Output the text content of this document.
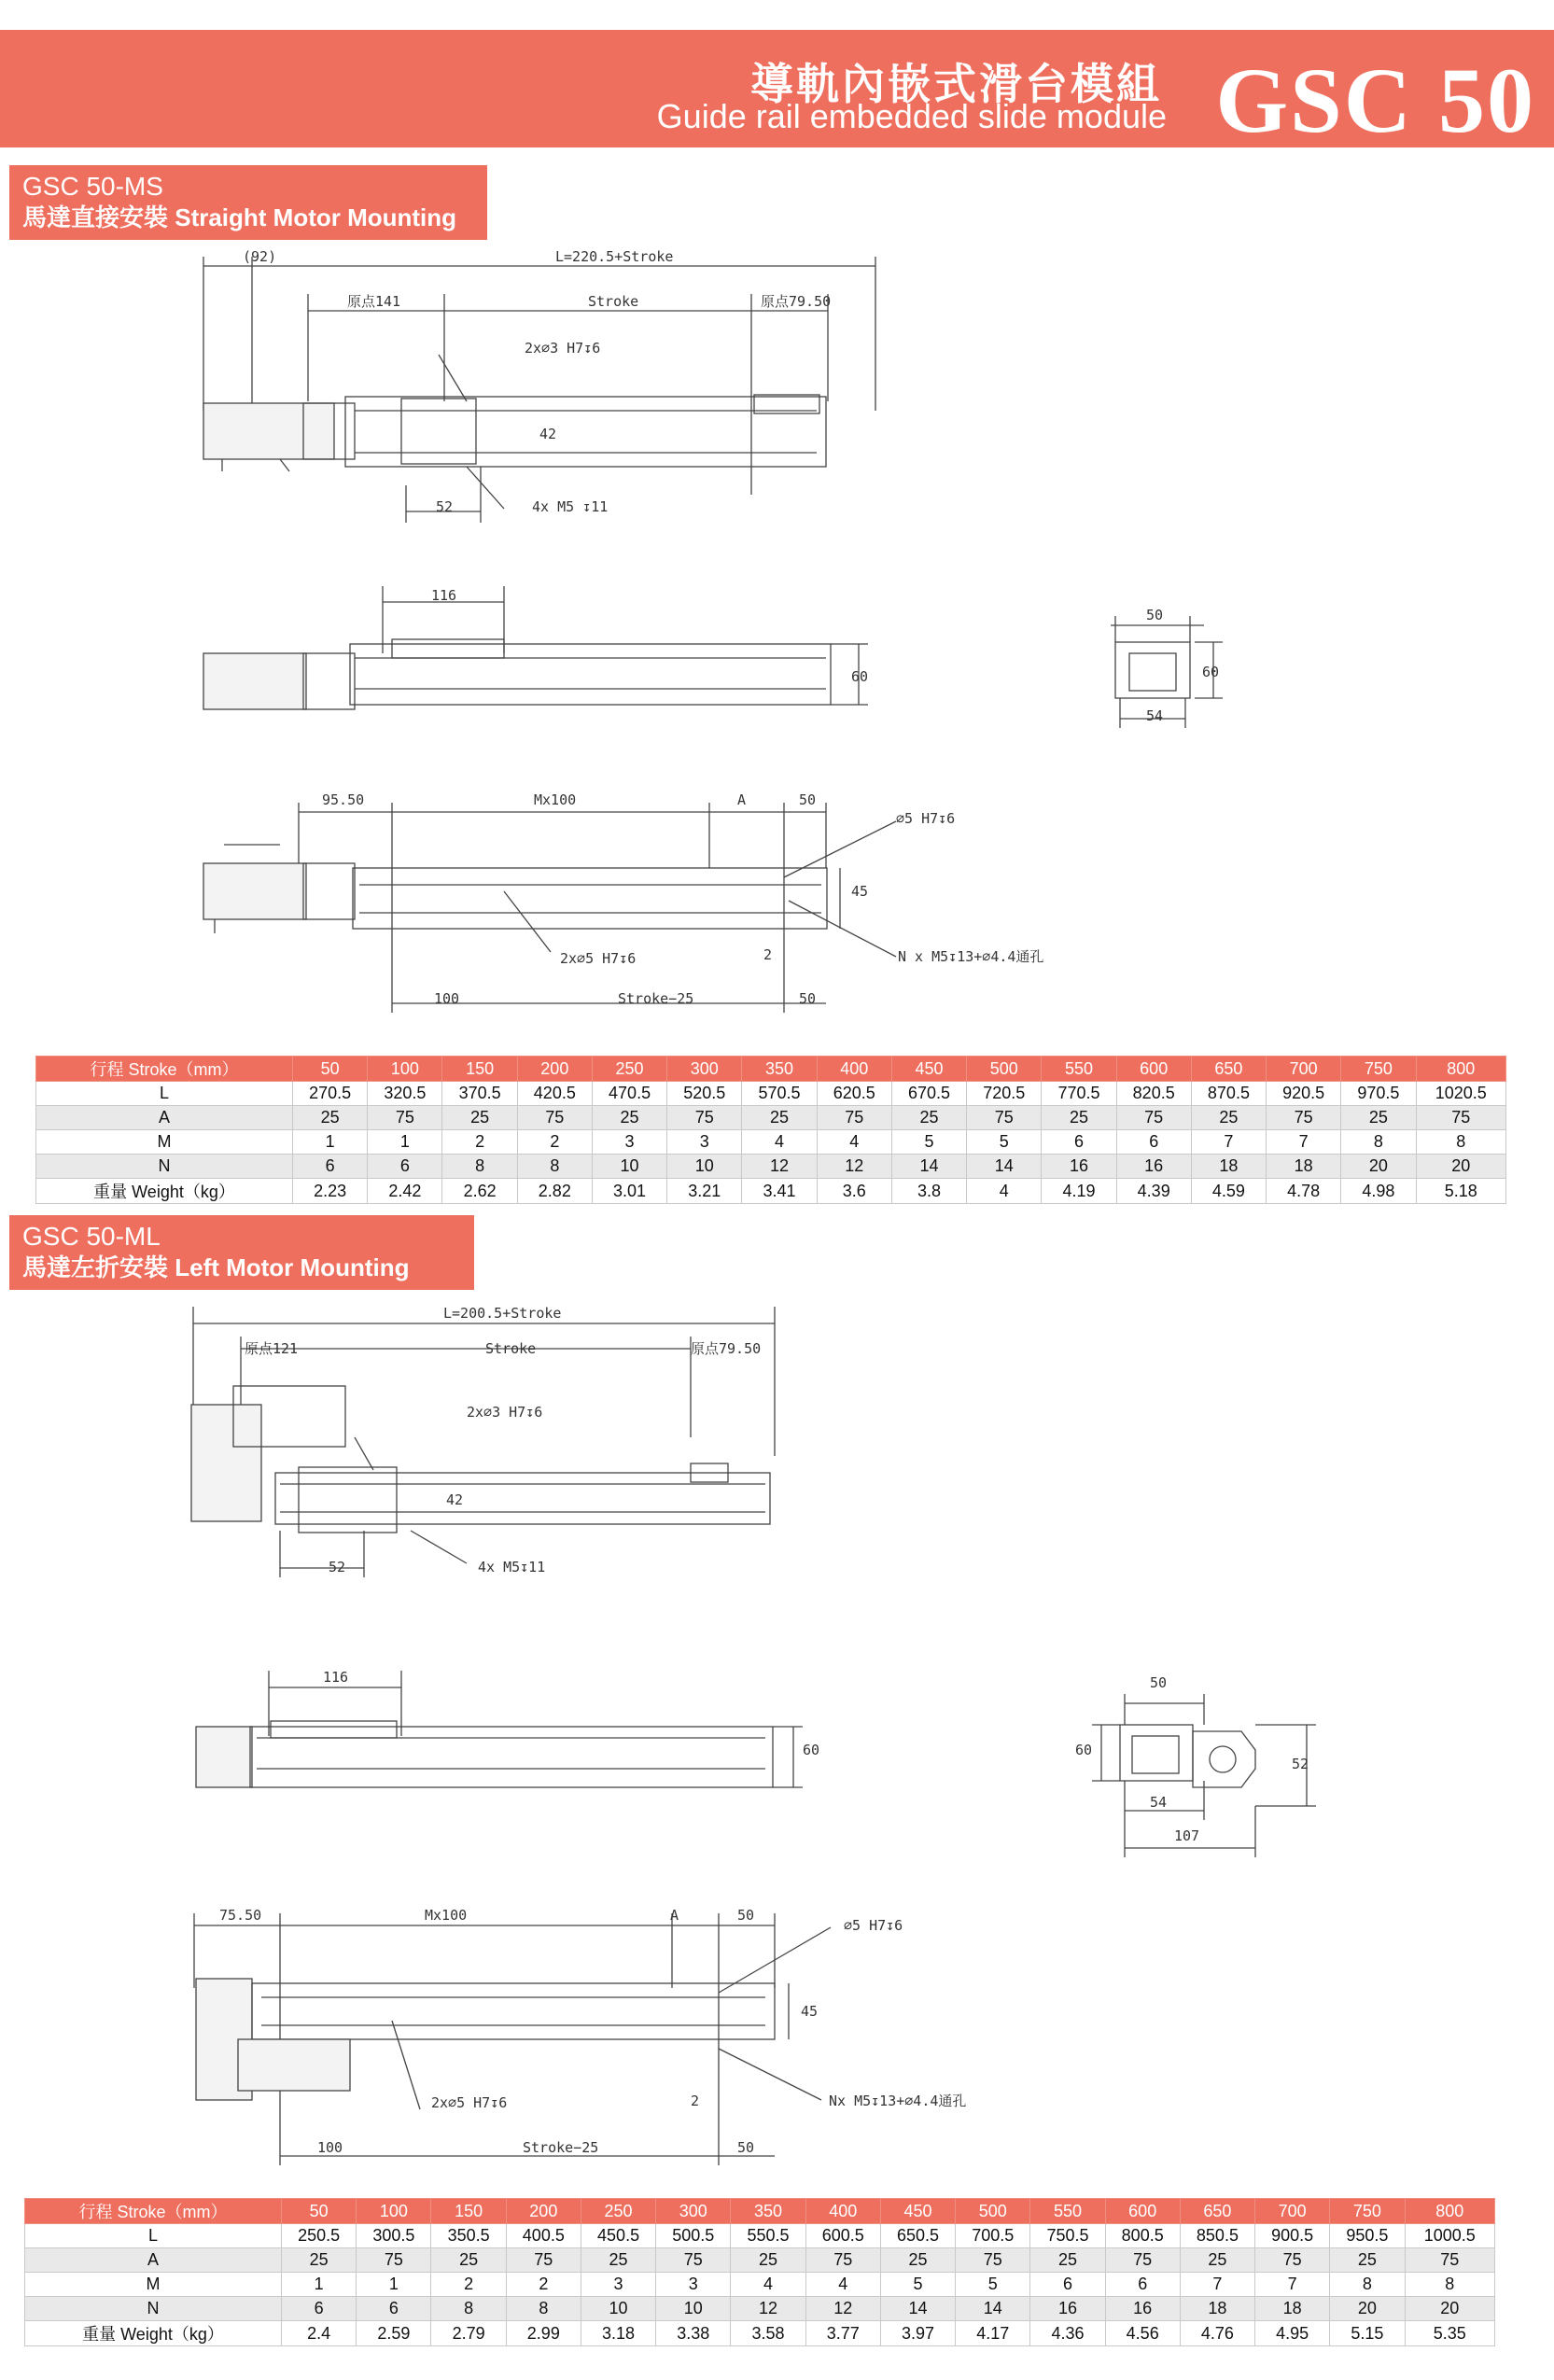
導軌內嵌式滑台模組
Guide rail embedded slide module GSC 50
GSC 50-MS
馬達直接安裝 Straight Motor Mounting
GSC 50-ML
馬達左折安裝 Left Motor Mounting
(92)	L=220.5+Stroke
原点141	Stroke	原点79.50
2x∅3 H7↧6
42
52	4x M5 ↧11
116
60
50
60
54
95.50	Mx100	A	50
∅5 H7↧6
45
2x∅5 H7↧6	2	N x M5↧13+∅4.4通孔
100	Stroke−25	50
L=200.5+Stroke
原点121	Stroke	原点79.50
2x∅3 H7↧6
42
52	4x M5↧11
116
60
50
60
52
54
107
75.50	Mx100	A	50
∅5 H7↧6
45
2x∅5 H7↧6	2	Nx M5↧13+∅4.4通孔
100	Stroke−25	50
行程 Stroke（mm）	50	100	150	200	250	300	350	400	450	500	550	600	650	700	750	800
L	270.5	320.5	370.5	420.5	470.5	520.5	570.5	620.5	670.5	720.5	770.5	820.5	870.5	920.5	970.5	1020.5
A	25	75	25	75	25	75	25	75	25	75	25	75	25	75	25	75
M	1	1	2	2	3	3	4	4	5	5	6	6	7	7	8	8
N	6	6	8	8	10	10	12	12	14	14	16	16	18	18	20	20
重量 Weight（kg）	2.23	2.42	2.62	2.82	3.01	3.21	3.41	3.6	3.8	4	4.19	4.39	4.59	4.78	4.98	5.18
行程 Stroke（mm）	50	100	150	200	250	300	350	400	450	500	550	600	650	700	750	800
L	250.5	300.5	350.5	400.5	450.5	500.5	550.5	600.5	650.5	700.5	750.5	800.5	850.5	900.5	950.5	1000.5
A	25	75	25	75	25	75	25	75	25	75	25	75	25	75	25	75
M	1	1	2	2	3	3	4	4	5	5	6	6	7	7	8	8
N	6	6	8	8	10	10	12	12	14	14	16	16	18	18	20	20
重量 Weight（kg）	2.4	2.59	2.79	2.99	3.18	3.38	3.58	3.77	3.97	4.17	4.36	4.56	4.76	4.95	5.15	5.35
